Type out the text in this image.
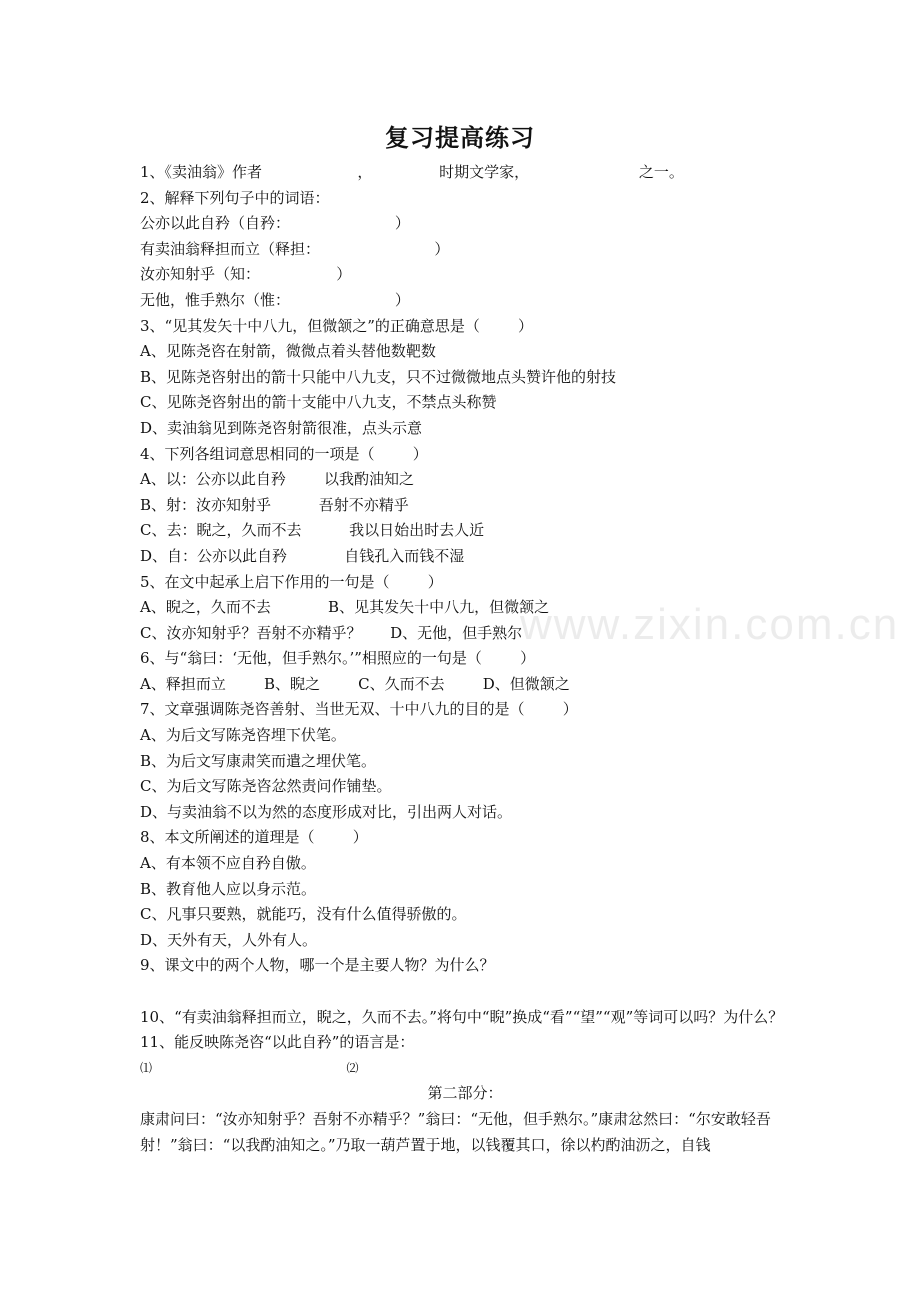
复习提高练习
www.zixin.com.cn
1、《卖油翁》作者                    ，              时期文学家，                       之一。
2、解释下列句子中的词语：
公亦以此自矜（自矜：                      ）
有卖油翁释担而立（释担：                        ）
汝亦知射乎（知：                ）
无他，惟手熟尔（惟：                      ）
3、“见其发矢十中八九，但微颔之”的正确意思是（        ）
A、见陈尧咨在射箭，微微点着头替他数靶数
B、见陈尧咨射出的箭十只能中八九支，只不过微微地点头赞许他的射技
C、见陈尧咨射出的箭十支能中八九支，不禁点头称赞
D、卖油翁见到陈尧咨射箭很准，点头示意
4、下列各组词意思相同的一项是（        ）
A、以：公亦以此自矜        以我酌油知之
B、射：汝亦知射乎          吾射不亦精乎
C、去：睨之，久而不去          我以日始出时去人近
D、自：公亦以此自矜            自钱孔入而钱不湿
5、在文中起承上启下作用的一句是（        ）
A、睨之，久而不去            B、见其发矢十中八九，但微颔之
C、汝亦知射乎？吾射不亦精乎？      D、无他，但手熟尔
6、与“翁曰：‘无他，但手熟尔。’”相照应的一句是（        ）
A、释担而立        B、睨之        C、久而不去        D、但微颔之
7、文章强调陈尧咨善射、当世无双、十中八九的目的是（        ）
A、为后文写陈尧咨埋下伏笔。
B、为后文写康肃笑而遣之埋伏笔。
C、为后文写陈尧咨忿然责问作铺垫。
D、与卖油翁不以为然的态度形成对比，引出两人对话。
8、本文所阐述的道理是（        ）
A、有本领不应自矜自傲。
B、教育他人应以身示范。
C、凡事只要熟，就能巧，没有什么值得骄傲的。
D、天外有天，人外有人。
9、课文中的两个人物，哪一个是主要人物？为什么？
10、“有卖油翁释担而立，睨之，久而不去。”将句中“睨”换成“看”“望”“观”等词可以吗？为什么？
11、能反映陈尧咨“以此自矜”的语言是：
⑴                                                   ⑵
第二部分：
康肃问曰：“汝亦知射乎？吾射不亦精乎？”翁曰：“无他，但手熟尔。”康肃忿然曰：“尔安敢轻吾射！”翁曰：“以我酌油知之。”乃取一葫芦置于地，以钱覆其口，徐以杓酌油沥之，自钱
